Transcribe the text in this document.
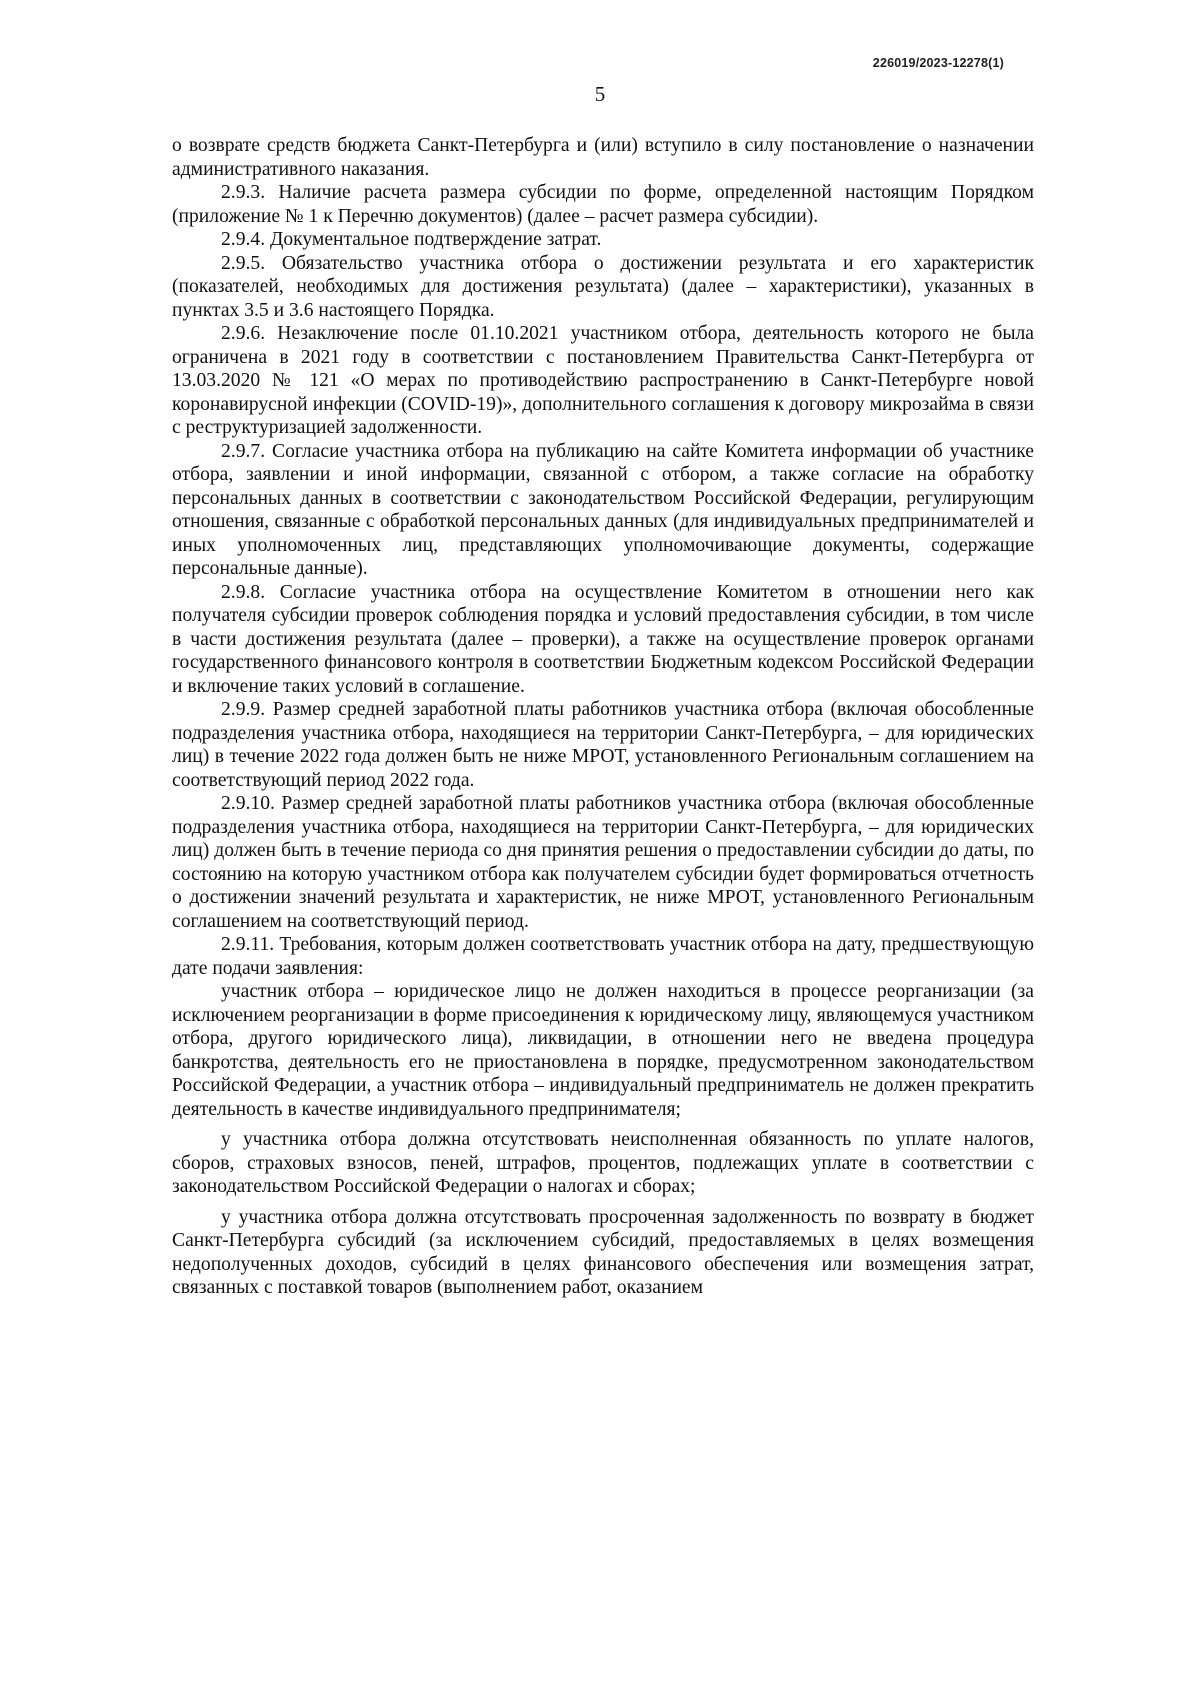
226019/2023-12278(1)
5

о возврате средств бюджета Санкт-Петербурга и (или) вступило в силу постановление о назначении административного наказания.

2.9.3. Наличие расчета размера субсидии по форме, определенной настоящим Порядком (приложение № 1 к Перечню документов) (далее – расчет размера субсидии).

2.9.4. Документальное подтверждение затрат.

2.9.5. Обязательство участника отбора о достижении результата и его характеристик (показателей, необходимых для достижения результата) (далее – характеристики), указанных в пунктах 3.5 и 3.6 настоящего Порядка.

2.9.6. Незаключение после 01.10.2021 участником отбора, деятельность которого не была ограничена в 2021 году в соответствии с постановлением Правительства Санкт-Петербурга от 13.03.2020 № 121 «О мерах по противодействию распространению в Санкт-Петербурге новой коронавирусной инфекции (COVID-19)», дополнительного соглашения к договору микрозайма в связи с реструктуризацией задолженности.

2.9.7. Согласие участника отбора на публикацию на сайте Комитета информации об участнике отбора, заявлении и иной информации, связанной с отбором, а также согласие на обработку персональных данных в соответствии с законодательством Российской Федерации, регулирующим отношения, связанные с обработкой персональных данных (для индивидуальных предпринимателей и иных уполномоченных лиц, представляющих уполномочивающие документы, содержащие персональные данные).

2.9.8. Согласие участника отбора на осуществление Комитетом в отношении него как получателя субсидии проверок соблюдения порядка и условий предоставления субсидии, в том числе в части достижения результата (далее – проверки), а также на осуществление проверок органами государственного финансового контроля в соответствии Бюджетным кодексом Российской Федерации и включение таких условий в соглашение.

2.9.9. Размер средней заработной платы работников участника отбора (включая обособленные подразделения участника отбора, находящиеся на территории Санкт-Петербурга, – для юридических лиц) в течение 2022 года должен быть не ниже МРОТ, установленного Региональным соглашением на соответствующий период 2022 года.

2.9.10. Размер средней заработной платы работников участника отбора (включая обособленные подразделения участника отбора, находящиеся на территории Санкт-Петербурга, – для юридических лиц) должен быть в течение периода со дня принятия решения о предоставлении субсидии до даты, по состоянию на которую участником отбора как получателем субсидии будет формироваться отчетность о достижении значений результата и характеристик, не ниже МРОТ, установленного Региональным соглашением на соответствующий период.

2.9.11. Требования, которым должен соответствовать участник отбора на дату, предшествующую дате подачи заявления:

участник отбора – юридическое лицо не должен находиться в процессе реорганизации (за исключением реорганизации в форме присоединения к юридическому лицу, являющемуся участником отбора, другого юридического лица), ликвидации, в отношении него не введена процедура банкротства, деятельность его не приостановлена в порядке, предусмотренном законодательством Российской Федерации, а участник отбора – индивидуальный предприниматель не должен прекратить деятельность в качестве индивидуального предпринимателя;

у участника отбора должна отсутствовать неисполненная обязанность по уплате налогов, сборов, страховых взносов, пеней, штрафов, процентов, подлежащих уплате в соответствии с законодательством Российской Федерации о налогах и сборах;

у участника отбора должна отсутствовать просроченная задолженность по возврату в бюджет Санкт-Петербурга субсидий (за исключением субсидий, предоставляемых в целях возмещения недополученных доходов, субсидий в целях финансового обеспечения или возмещения затрат, связанных с поставкой товаров (выполнением работ, оказанием
